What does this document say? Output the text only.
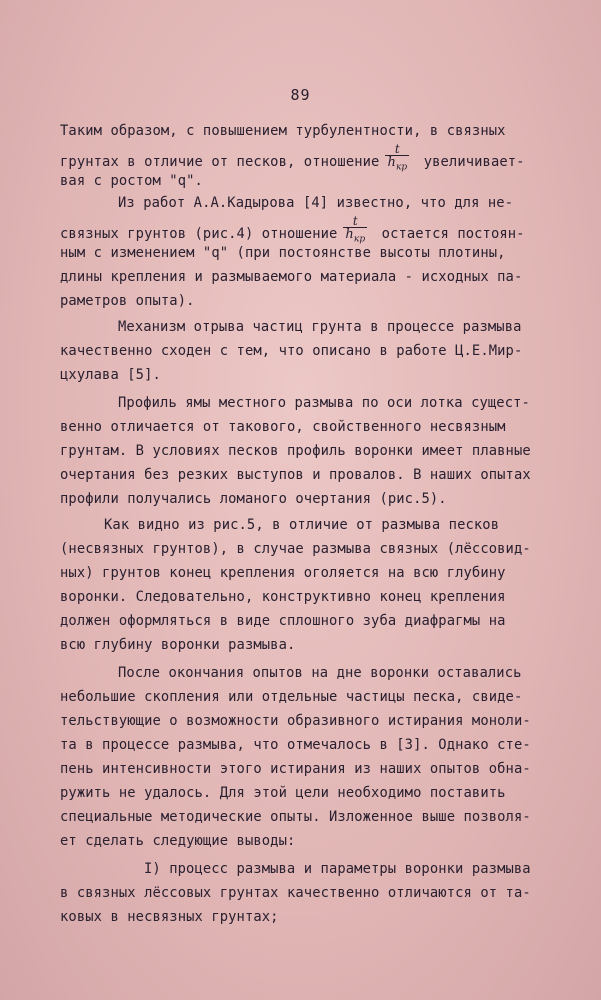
89
Таким образом, с повышением турбулентности, в связных
грунтах в отличие от песков, отношение $\frac{t}{h_{кр}}$ увеличивает-
вая с ростом "q".
Из работ А.А.Кадырова [4] известно, что для не-
связных грунтов (рис.4) отношение $\frac{t}{h_{кр}}$ остается постоян-
ным с изменением "q" (при постоянстве высоты плотины,
длины крепления и размываемого материала - исходных па-
раметров опыта).
Механизм отрыва частиц грунта в процессе размыва
качественно сходен с тем, что описано в работе Ц.Е.Мир-
цхулава [5].
Профиль ямы местного размыва по оси лотка сущест-
венно отличается от такового, свойственного несвязным
грунтам. В условиях песков профиль воронки имеет плавные
очертания без резких выступов и провалов. В наших опытах
профили получались ломаного очертания (рис.5).
Как видно из рис.5, в отличие от размыва песков
(несвязных грунтов), в случае размыва связных (лёссовид-
ных) грунтов конец крепления оголяется на всю глубину
воронки. Следовательно, конструктивно конец крепления
должен оформляться в виде сплошного зуба диафрагмы на
всю глубину воронки размыва.
После окончания опытов на дне воронки оставались
небольшие скопления или отдельные частицы песка, свиде-
тельствующие о возможности образивного истирания моноли-
та в процессе размыва, что отмечалось в [3]. Однако сте-
пень интенсивности этого истирания из наших опытов обна-
ружить не удалось. Для этой цели необходимо поставить
специальные методические опыты. Изложенное выше позволя-
ет сделать следующие выводы:
I) процесс размыва и параметры воронки размыва
в связных лёссовых грунтах качественно отличаются от та-
ковых в несвязных грунтах;
